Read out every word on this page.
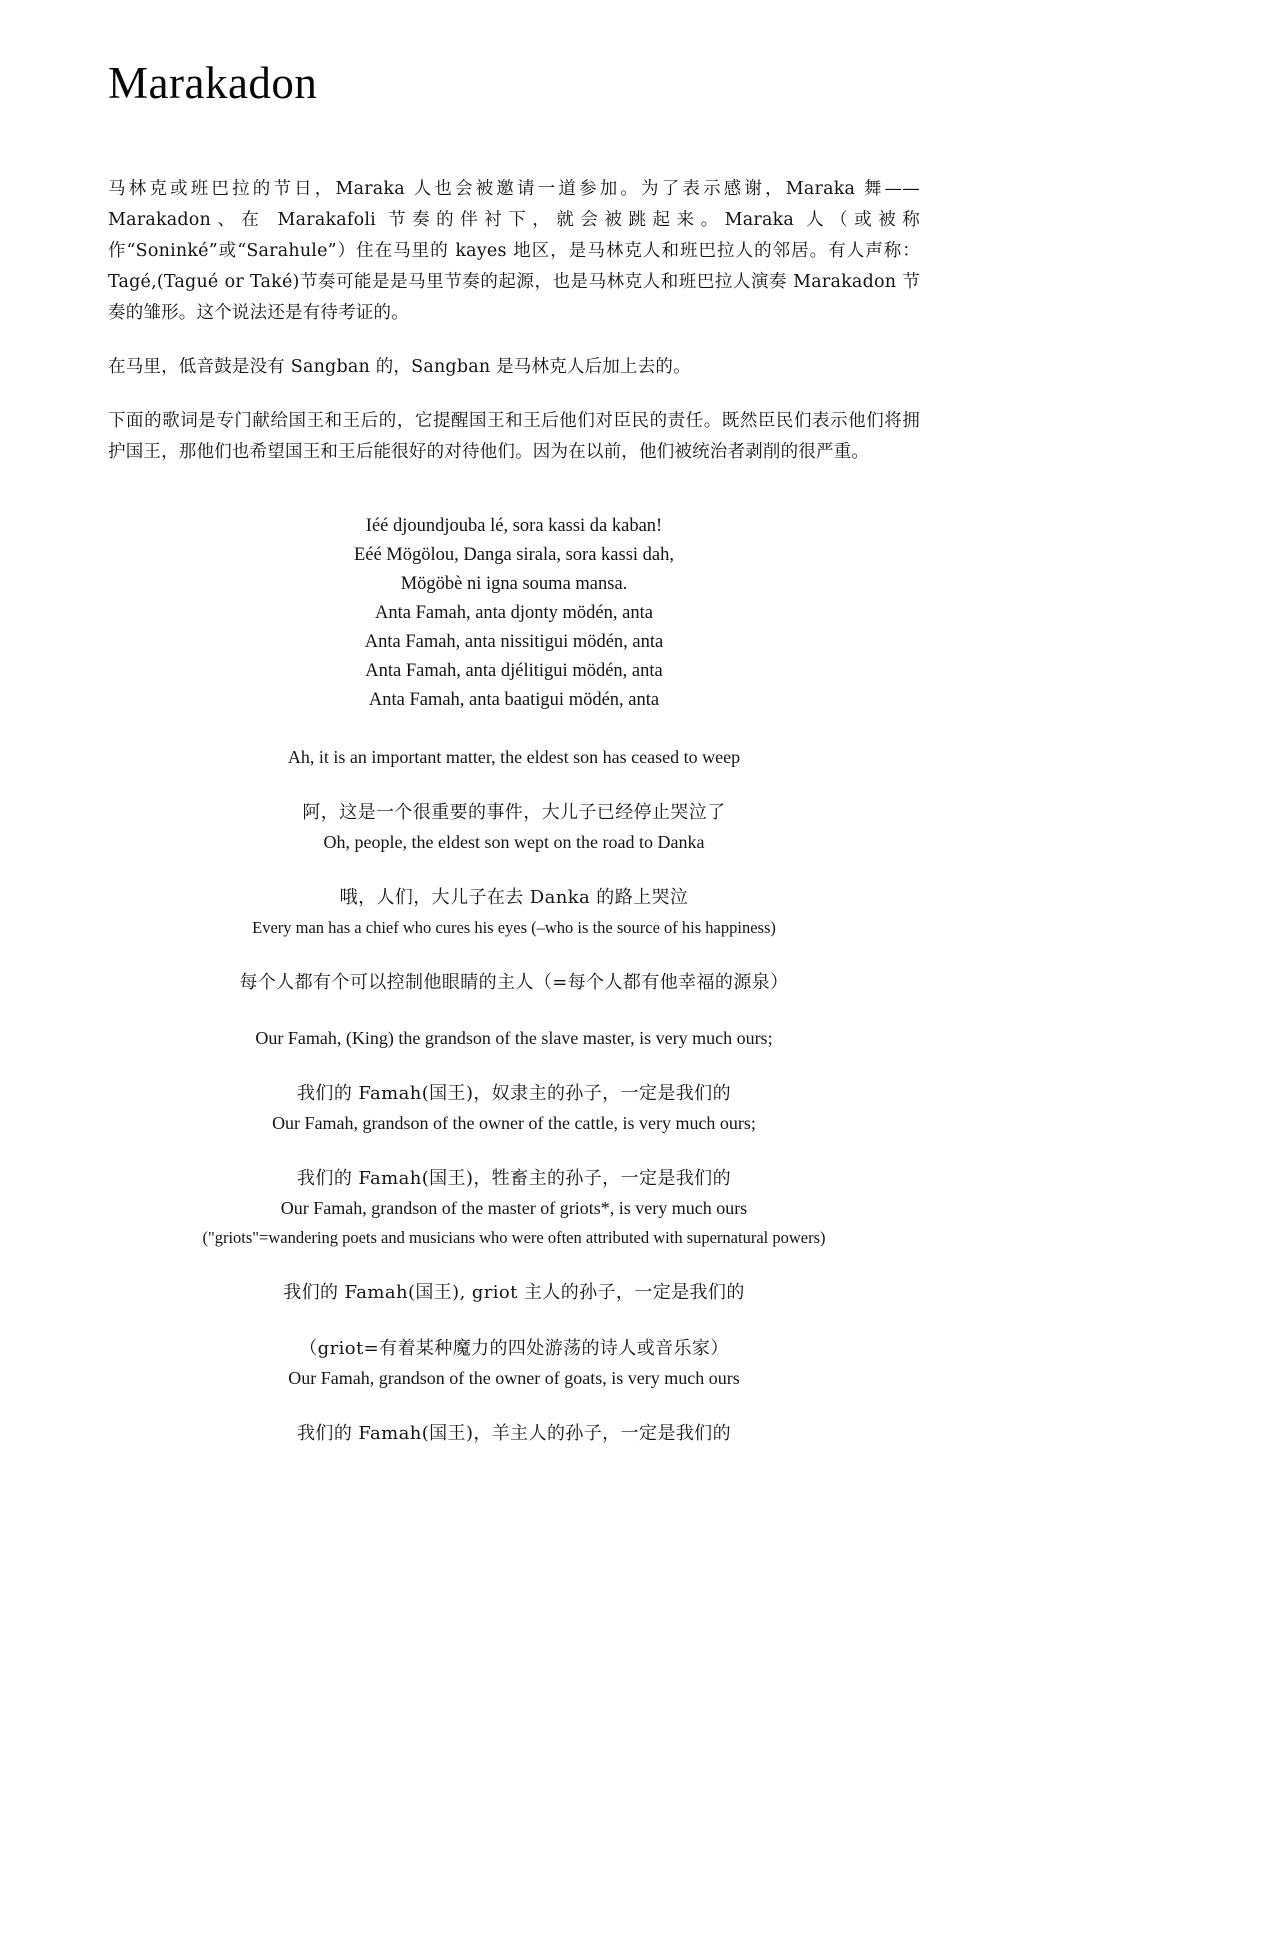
Marakadon

马林克或班巴拉的节日，Maraka 人也会被邀请一道参加。为了表示感谢，Maraka 舞——Marakadon、在 Marakafoli 节奏的伴衬下，就会被跳起来。Maraka 人（或被称作“Soninké”或“Sarahule”）住在马里的 kayes 地区，是马林克人和班巴拉人的邻居。有人声称：Tagé,(Tagué or Také)节奏可能是是马里节奏的起源，也是马林克人和班巴拉人演奏 Marakadon 节奏的雏形。这个说法还是有待考证的。

在马里，低音鼓是没有 Sangban 的，Sangban 是马林克人后加上去的。

下面的歌词是专门献给国王和王后的，它提醒国王和王后他们对臣民的责任。既然臣民们表示他们将拥护国王，那他们也希望国王和王后能很好的对待他们。因为在以前，他们被统治者剥削的很严重。

Iéé djoundjouba lé, sora kassi da kaban!
Eéé Mögölou, Danga sirala, sora kassi dah,
Mögöbè ni igna souma mansa.
Anta Famah, anta djonty mödén, anta
Anta Famah, anta nissitigui mödén, anta
Anta Famah, anta djélitigui mödén, anta
Anta Famah, anta baatigui mödén, anta
Ah, it is an important matter, the eldest son has ceased to weep
阿，这是一个很重要的事件，大儿子已经停止哭泣了
Oh, people, the eldest son wept on the road to Danka
哦，人们，大儿子在去 Danka 的路上哭泣
Every man has a chief who cures his eyes (–who is the source of his happiness)
每个人都有个可以控制他眼睛的主人（=每个人都有他幸福的源泉）
Our Famah, (King) the grandson of the slave master, is very much ours;
我们的 Famah(国王)，奴隶主的孙子，一定是我们的
Our Famah, grandson of the owner of the cattle, is very much ours;
我们的 Famah(国王)，牲畜主的孙子，一定是我们的
Our Famah, grandson of the master of griots*, is very much ours
("griots"=wandering poets and musicians who were often attributed with supernatural powers)
我们的 Famah(国王), griot 主人的孙子，一定是我们的
（griot=有着某种魔力的四处游荡的诗人或音乐家）
Our Famah, grandson of the owner of goats, is very much ours
我们的 Famah(国王)，羊主人的孙子，一定是我们的
